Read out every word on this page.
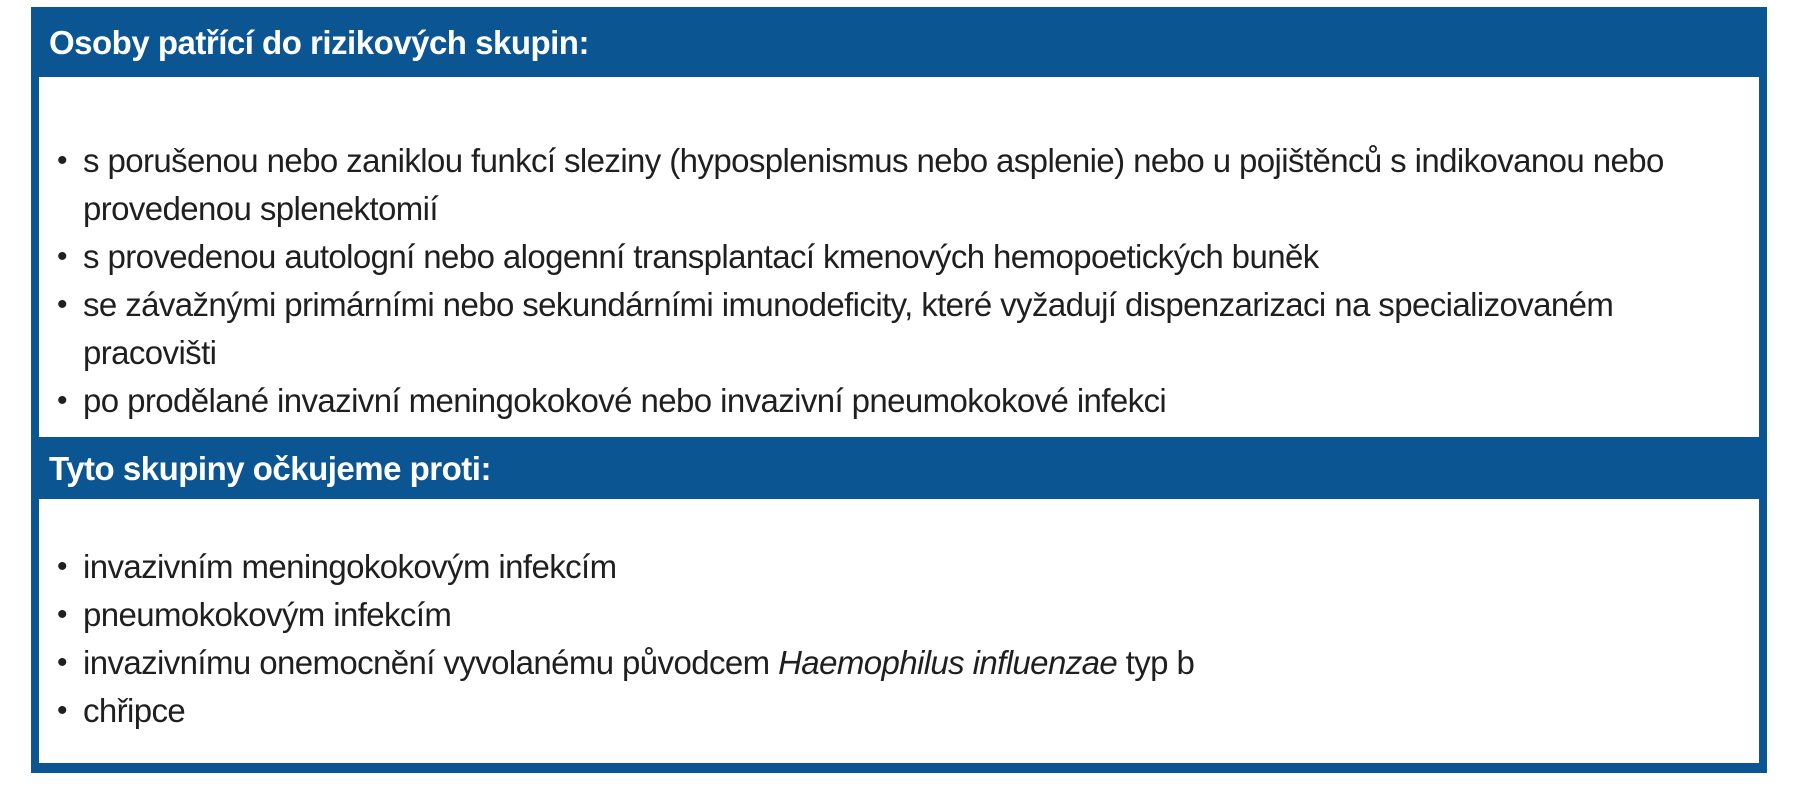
Osoby patřící do rizikových skupin:
• s porušenou nebo zaniklou funkcí sleziny (hyposplenismus nebo asplenie) nebo u pojištěnců s indikovanou nebo provedenou splenektomií
• s provedenou autologní nebo alogenní transplantací kmenových hemopoetických buněk
• se závažnými primárními nebo sekundárními imunodeficity, které vyžadují dispenzarizaci na specializovaném pracovišti
• po prodělané invazivní meningokokové nebo invazivní pneumokokové infekci
Tyto skupiny očkujeme proti:
• invazivním meningokokovým infekcím
• pneumokokovým infekcím
• invazivnímu onemocnění vyvolanému původcem Haemophilus influenzae typ b
• chřipce
